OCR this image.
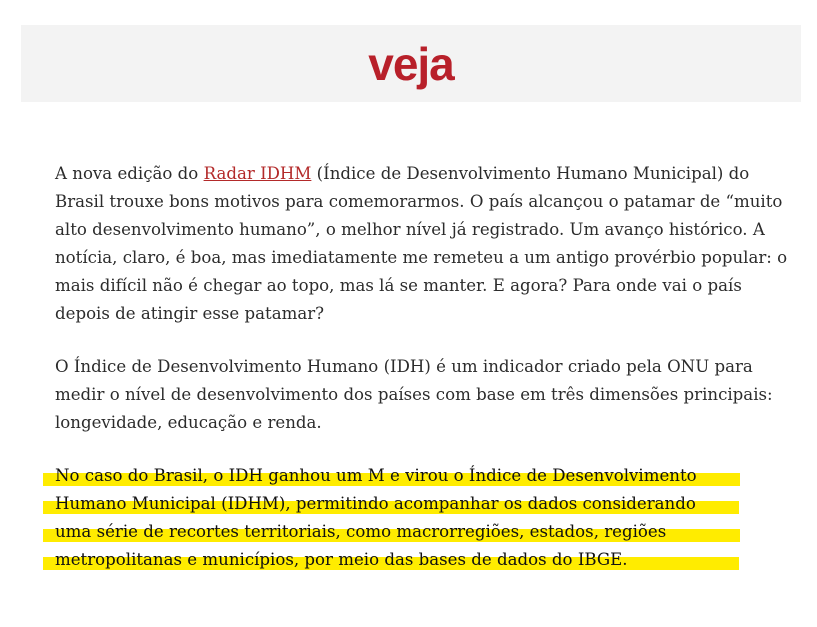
veja

A nova edição do Radar IDHM (Índice de Desenvolvimento Humano Municipal) do Brasil trouxe bons motivos para comemorarmos. O país alcançou o patamar de “muito alto desenvolvimento humano”, o melhor nível já registrado. Um avanço histórico. A notícia, claro, é boa, mas imediatamente me remeteu a um antigo provérbio popular: o mais difícil não é chegar ao topo, mas lá se manter. E agora? Para onde vai o país depois de atingir esse patamar?

O Índice de Desenvolvimento Humano (IDH) é um indicador criado pela ONU para medir o nível de desenvolvimento dos países com base em três dimensões principais: longevidade, educação e renda.

No caso do Brasil, o IDH ganhou um M e virou o Índice de Desenvolvimento
Humano Municipal (IDHM), permitindo acompanhar os dados considerando
uma série de recortes territoriais, como macrorregiões, estados, regiões
metropolitanas e municípios, por meio das bases de dados do IBGE.
